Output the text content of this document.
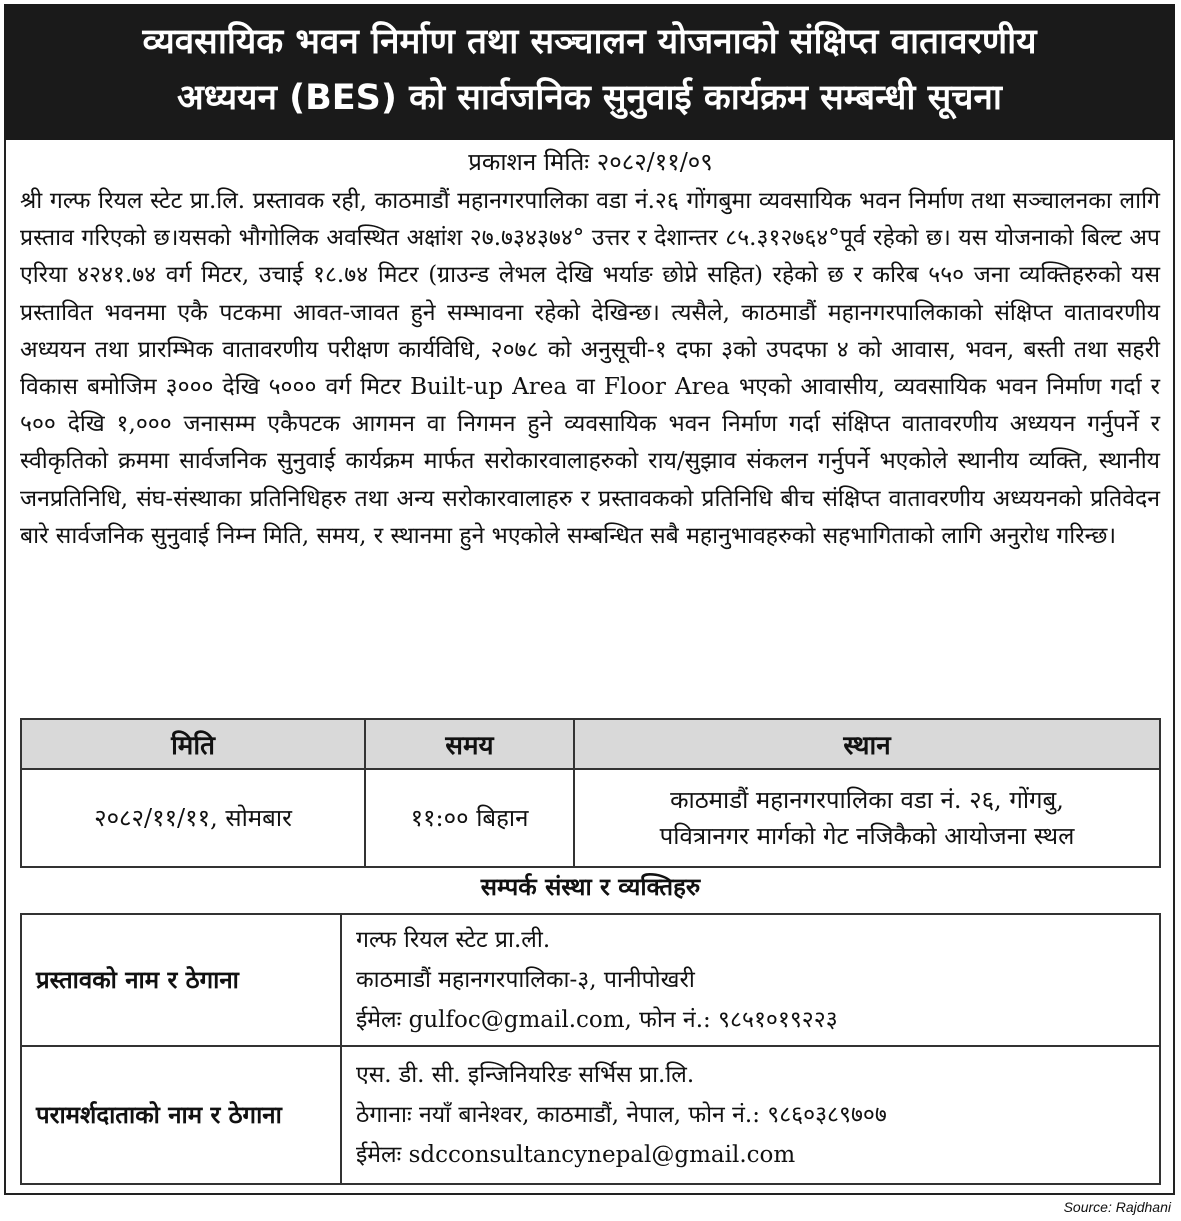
व्यवसायिक भवन निर्माण तथा सञ्चालन योजनाको संक्षिप्त वातावरणीय
अध्ययन (BES) को सार्वजनिक सुनुवाई कार्यक्रम सम्बन्धी सूचना
प्रकाशन मितिः २०८२/११/०९
श्री गल्फ रियल स्टेट प्रा.लि. प्रस्तावक रही, काठमाडौं महानगरपालिका वडा नं.२६ गोंगबुमा व्यवसायिक भवन निर्माण तथा सञ्चालनका लागि प्रस्ताव गरिएको छ।यसको भौगोलिक अवस्थित अक्षांश २७.७३४३७४° उत्तर र देशान्तर ८५.३१२७६४°पूर्व रहेको छ। यस योजनाको बिल्ट अप एरिया ४२४१.७४ वर्ग मिटर, उचाई १८.७४ मिटर (ग्राउन्ड लेभल देखि भर्याङ छोप्ने सहित) रहेको छ र करिब ५५० जना व्यक्तिहरुको यस प्रस्तावित भवनमा एकै पटकमा आवत-जावत हुने सम्भावना रहेको देखिन्छ। त्यसैले, काठमाडौं महानगरपालिकाको संक्षिप्त वातावरणीय अध्ययन तथा प्रारम्भिक वातावरणीय परीक्षण कार्यविधि, २०७८ को अनुसूची-१ दफा ३को उपदफा ४ को आवास, भवन, बस्ती तथा सहरी विकास बमोजिम ३००० देखि ५००० वर्ग मिटर Built-up Area वा Floor Area भएको आवासीय, व्यवसायिक भवन निर्माण गर्दा र ५०० देखि १,००० जनासम्म एकैपटक आगमन वा निगमन हुने व्यवसायिक भवन निर्माण गर्दा संक्षिप्त वातावरणीय अध्ययन गर्नुपर्ने र स्वीकृतिको क्रममा सार्वजनिक सुनुवाई कार्यक्रम मार्फत सरोकारवालाहरुको राय/सुझाव संकलन गर्नुपर्ने भएकोले स्थानीय व्यक्ति, स्थानीय जनप्रतिनिधि, संघ-संस्थाका प्रतिनिधिहरु तथा अन्य सरोकारवालाहरु र प्रस्तावकको प्रतिनिधि बीच संक्षिप्त वातावरणीय अध्ययनको प्रतिवेदन बारे सार्वजनिक सुनुवाई निम्न मिति, समय, र स्थानमा हुने भएकोले सम्बन्धित सबै महानुभावहरुको सहभागिताको लागि अनुरोध गरिन्छ।
मिति	समय	स्थान
२०८२/११/११, सोमबार	११:०० बिहान	काठमाडौं महानगरपालिका वडा नं. २६, गोंगबु,
पवित्रानगर मार्गको गेट नजिकैको आयोजना स्थल
सम्पर्क संस्था र व्यक्तिहरु
प्रस्तावको नाम र ठेगाना	गल्फ रियल स्टेट प्रा.ली.
काठमाडौं महानगरपालिका-३, पानीपोखरी
ईमेलः gulfoc@gmail.com, फोन नं.: ९८५१०१९२२३

परामर्शदाताको नाम र ठेगाना	एस. डी. सी. इन्जिनियरिङ सर्भिस प्रा.लि.
ठेगानाः नयाँ बानेश्वर, काठमाडौं, नेपाल, फोन नं.: ९८६०३८९७०७
ईमेलः sdcconsultancynepal@gmail.com
Source: Rajdhani
